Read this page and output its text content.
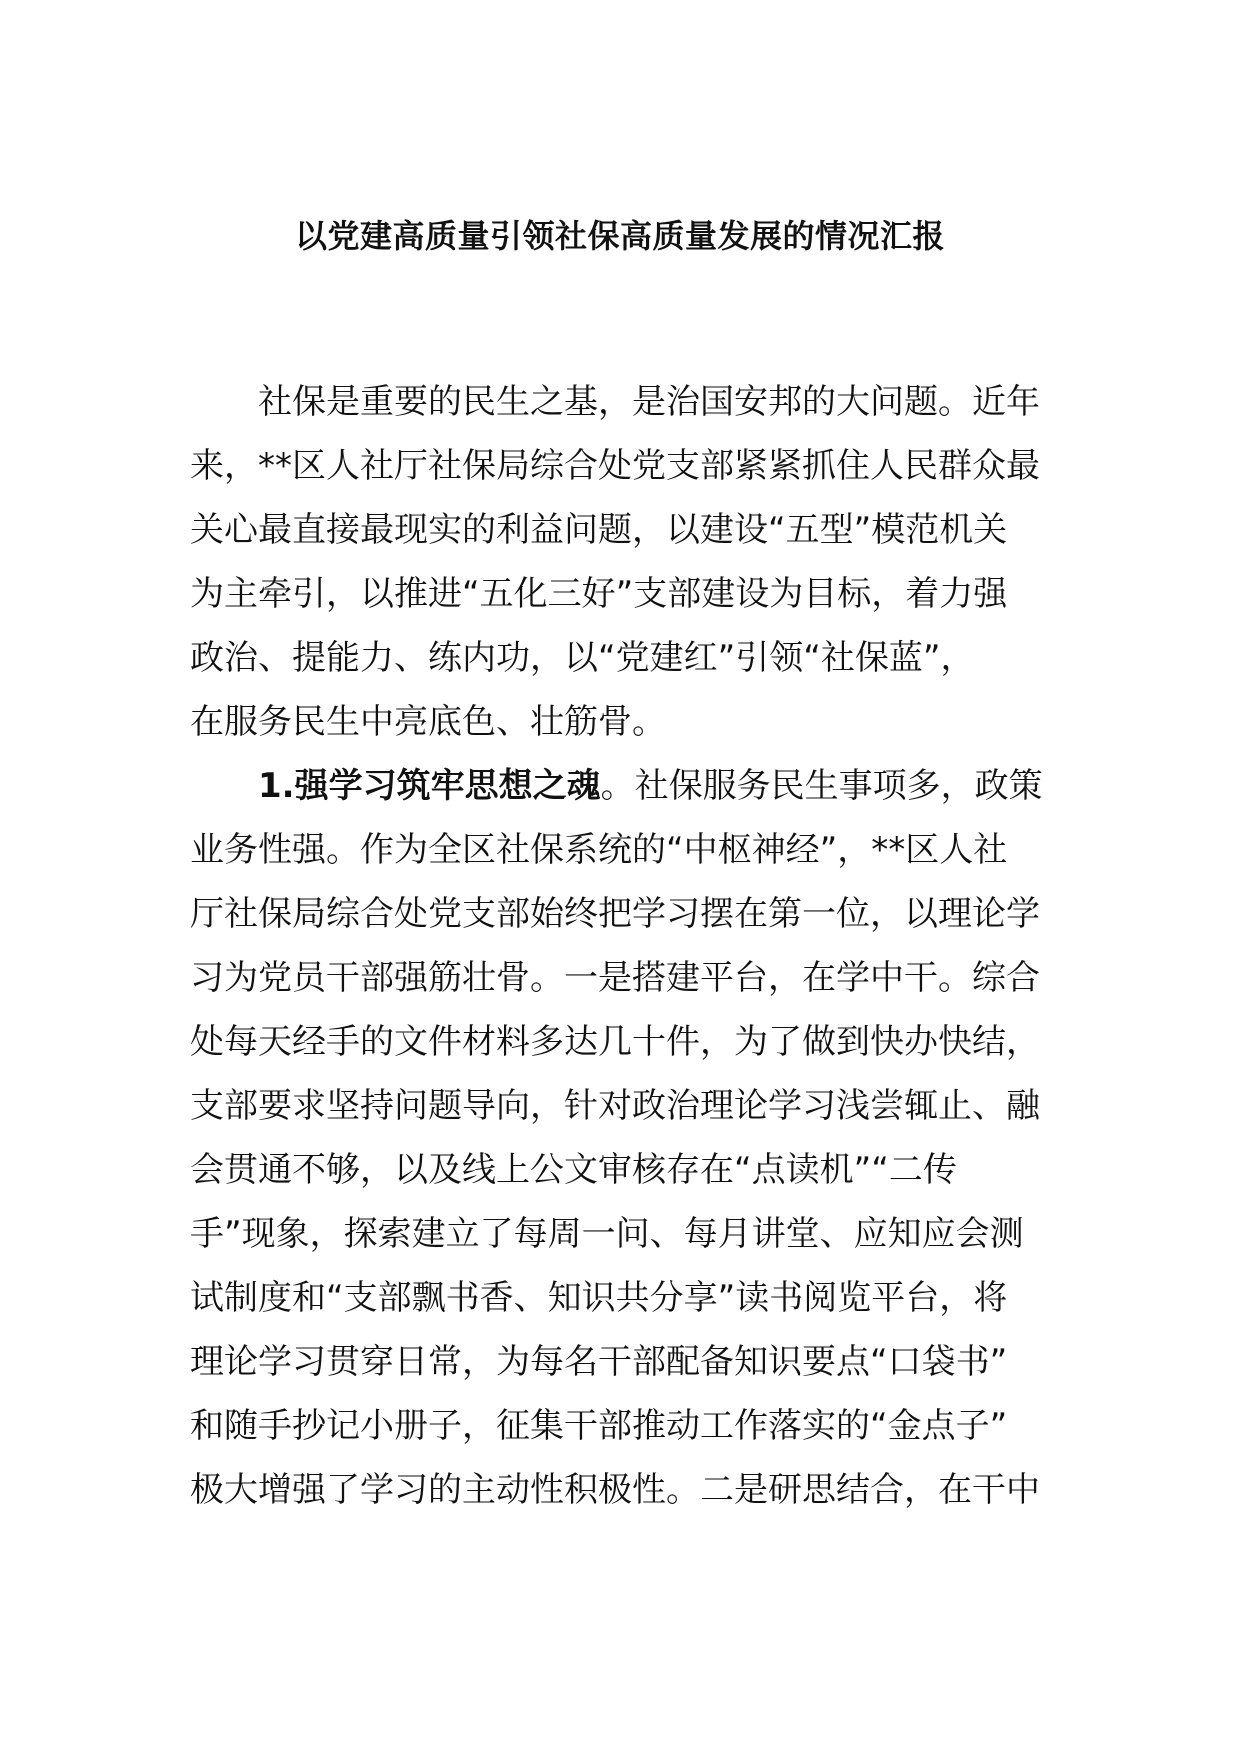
以党建高质量引领社保高质量发展的情况汇报
社保是重要的民生之基，是治国安邦的大问题。近年
来，**区人社厅社保局综合处党支部紧紧抓住人民群众最
关心最直接最现实的利益问题，以建设“五型”模范机关
为主牵引，以推进“五化三好”支部建设为目标，着力强
政治、提能力、练内功，以“党建红”引领“社保蓝”，
在服务民生中亮底色、壮筋骨。
1.强学习筑牢思想之魂。社保服务民生事项多，政策
业务性强。作为全区社保系统的“中枢神经”，**区人社
厅社保局综合处党支部始终把学习摆在第一位，以理论学
习为党员干部强筋壮骨。一是搭建平台，在学中干。综合
处每天经手的文件材料多达几十件，为了做到快办快结，
支部要求坚持问题导向，针对政治理论学习浅尝辄止、融
会贯通不够，以及线上公文审核存在“点读机”“二传
手”现象，探索建立了每周一问、每月讲堂、应知应会测
试制度和“支部飘书香、知识共分享”读书阅览平台，将
理论学习贯穿日常，为每名干部配备知识要点“口袋书”
和随手抄记小册子，征集干部推动工作落实的“金点子”
极大增强了学习的主动性积极性。二是研思结合，在干中
